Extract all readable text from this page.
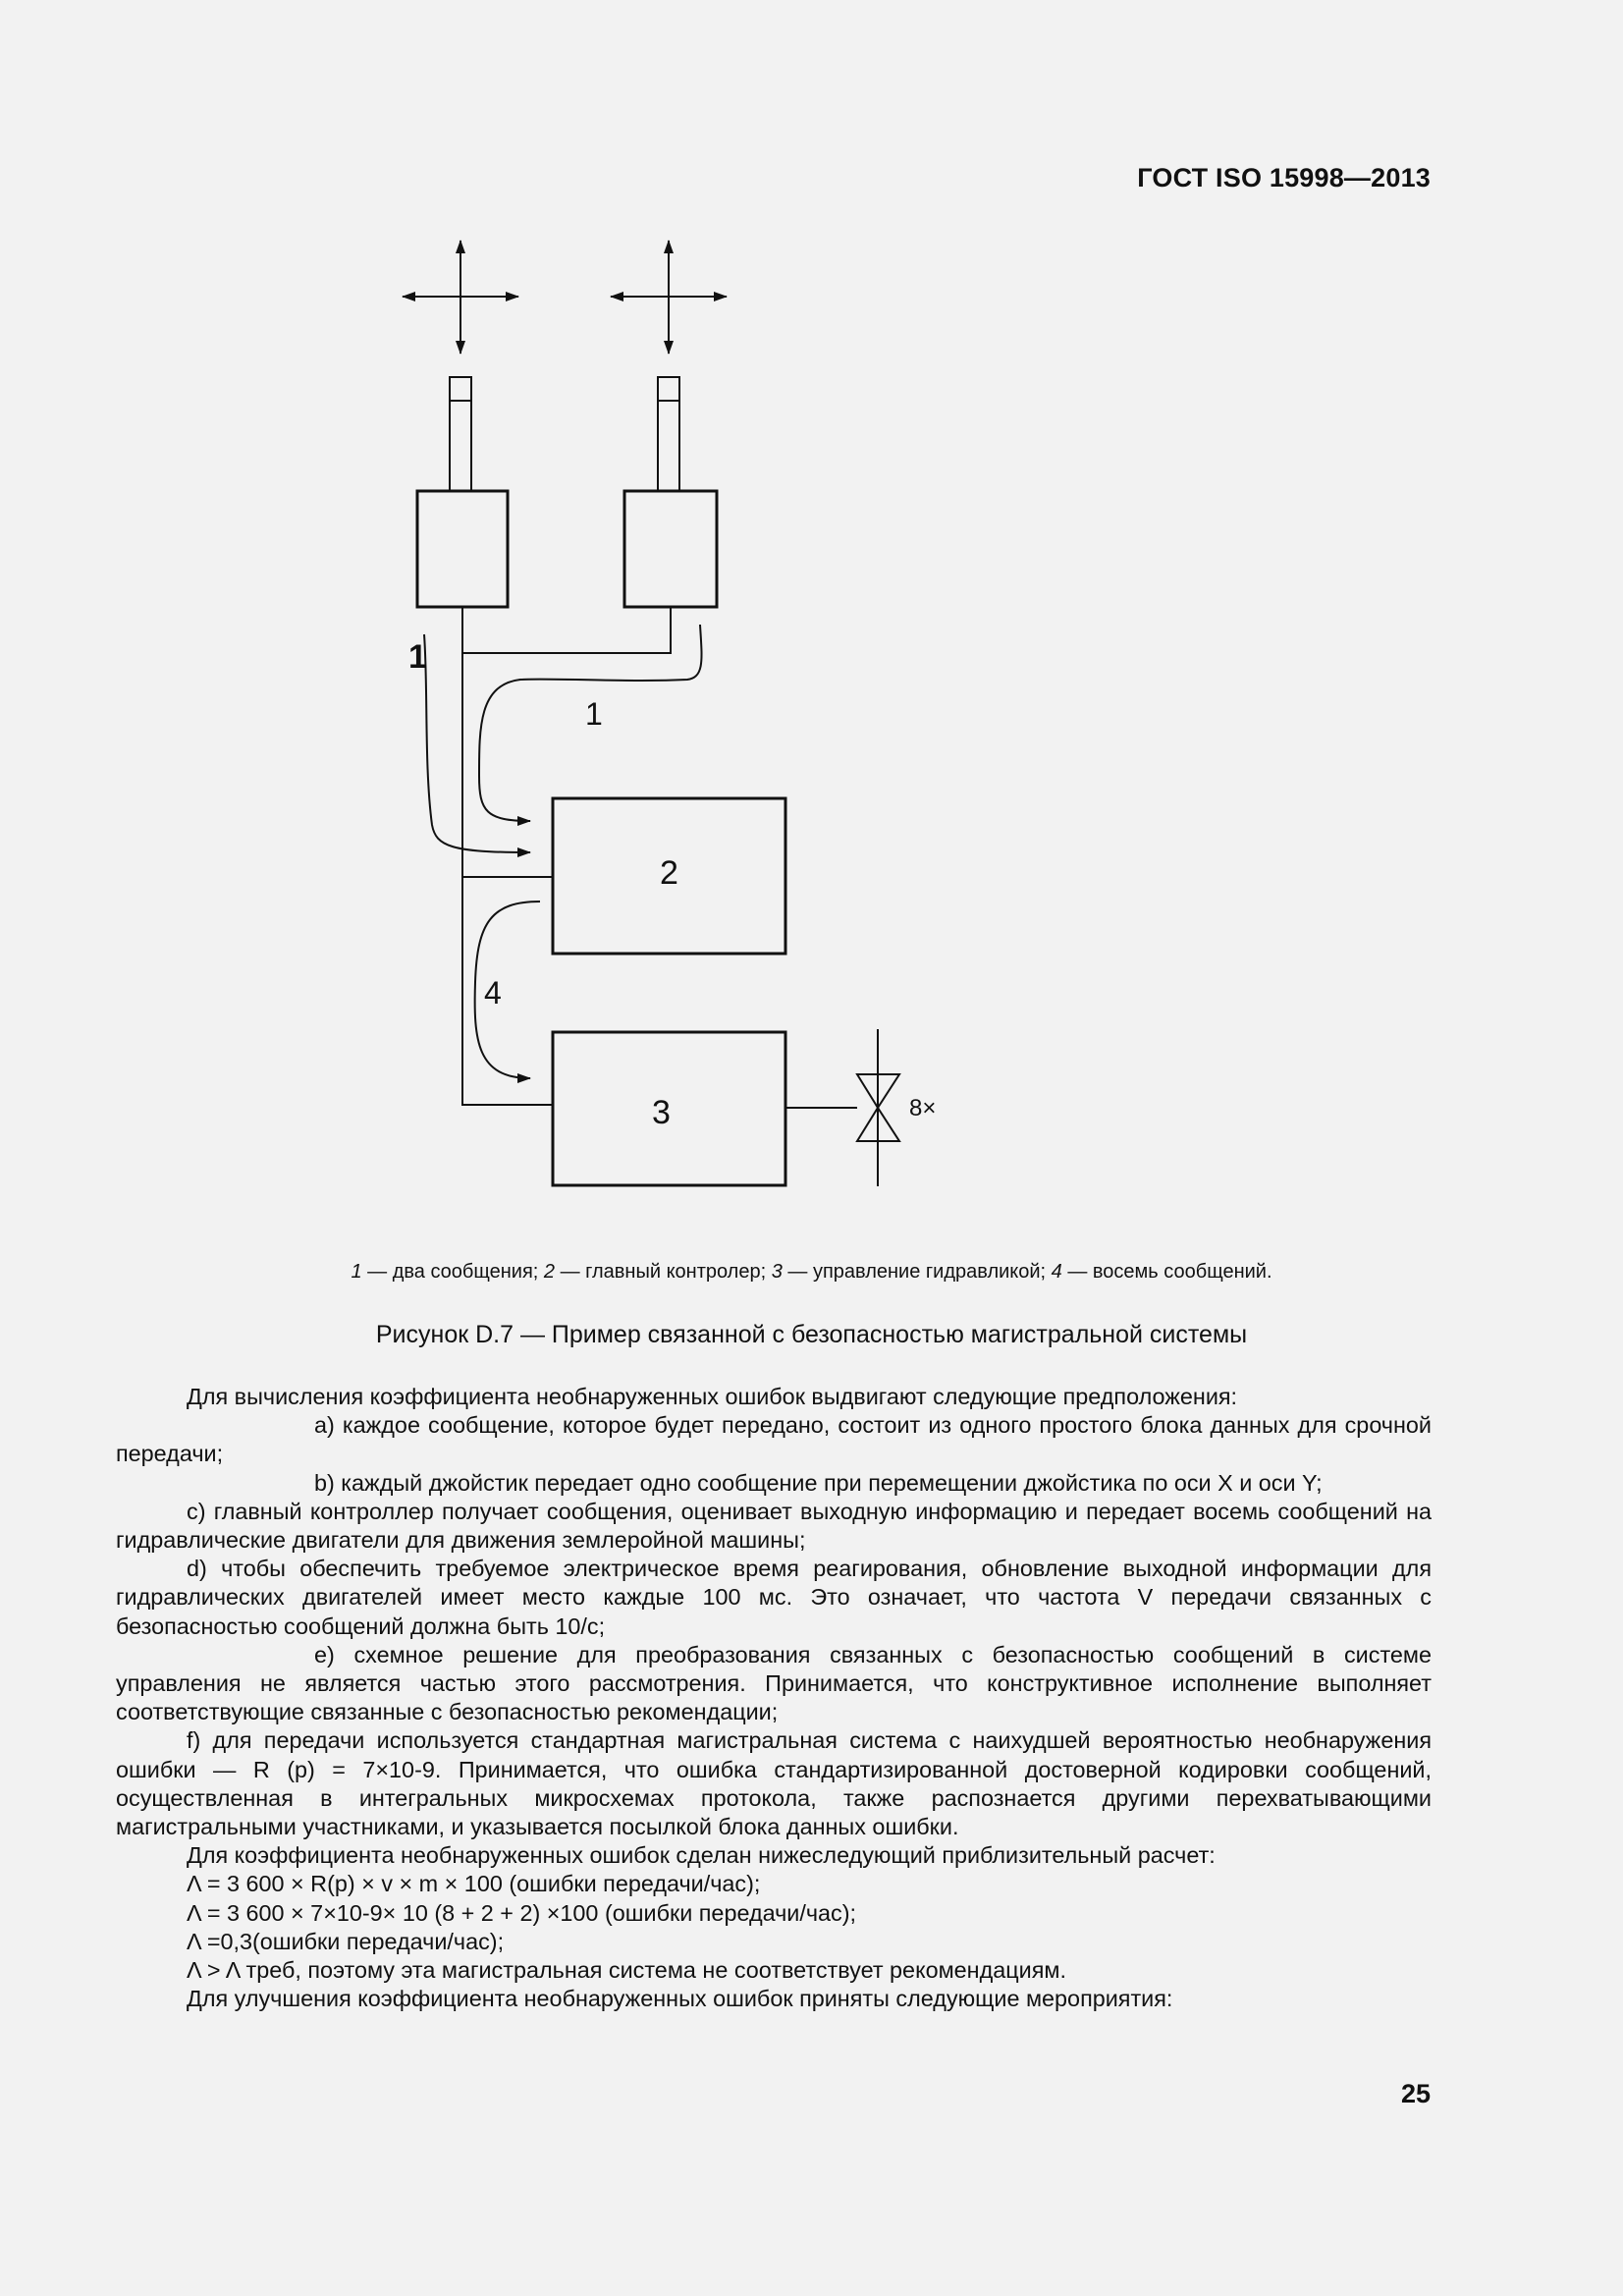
ГОСТ ISO 15998—2013
1
1
2
3
4
8×
1 — два сообщения; 2 — главный контролер; 3 — управление гидравликой; 4 — восемь сообщений.
Рисунок D.7 — Пример связанной с безопасностью магистральной системы

Для вычисления коэффициента необнаруженных ошибок выдвигают следующие предположения:

а) каждое сообщение, которое будет передано, состоит из одного простого блока данных для срочной передачи;

b) каждый джойстик передает одно сообщение при перемещении джойстика по оси X и оси Y;

с) главный контроллер получает сообщения, оценивает выходную информацию и передает восемь сообщений на гидравлические двигатели для движения землеройной машины;

d) чтобы обеспечить требуемое электрическое время реагирования, обновление выходной информации для гидравлических двигателей имеет место каждые 100 мс. Это означает, что частота V передачи связанных с безопасностью сообщений должна быть 10/с;

е) схемное решение для преобразования связанных с безопасностью сообщений в системе управления не является частью этого рассмотрения. Принимается, что конструктивное исполнение выполняет соответствующие связанные с безопасностью рекомендации;

f) для передачи используется стандартная магистральная система с наихудшей вероятностью необнаружения ошибки — R (p) = 7×10-9. Принимается, что ошибка стандартизированной достоверной кодировки сообщений, осуществленная в интегральных микросхемах протокола, также распознается другими перехватывающими магистральными участниками, и указывается посылкой блока данных ошибки.

Для коэффициента необнаруженных ошибок сделан нижеследующий приблизительный расчет:

Λ = 3 600 × R(p) × v × m × 100 (ошибки передачи/час);

Λ = 3 600 × 7×10-9× 10 (8 + 2 + 2) ×100 (ошибки передачи/час);

Λ =0,3(ошибки передачи/час);

Λ > Λ треб, поэтому эта магистральная система не соответствует рекомендациям.

Для улучшения коэффициента необнаруженных ошибок приняты следующие мероприятия:

25
